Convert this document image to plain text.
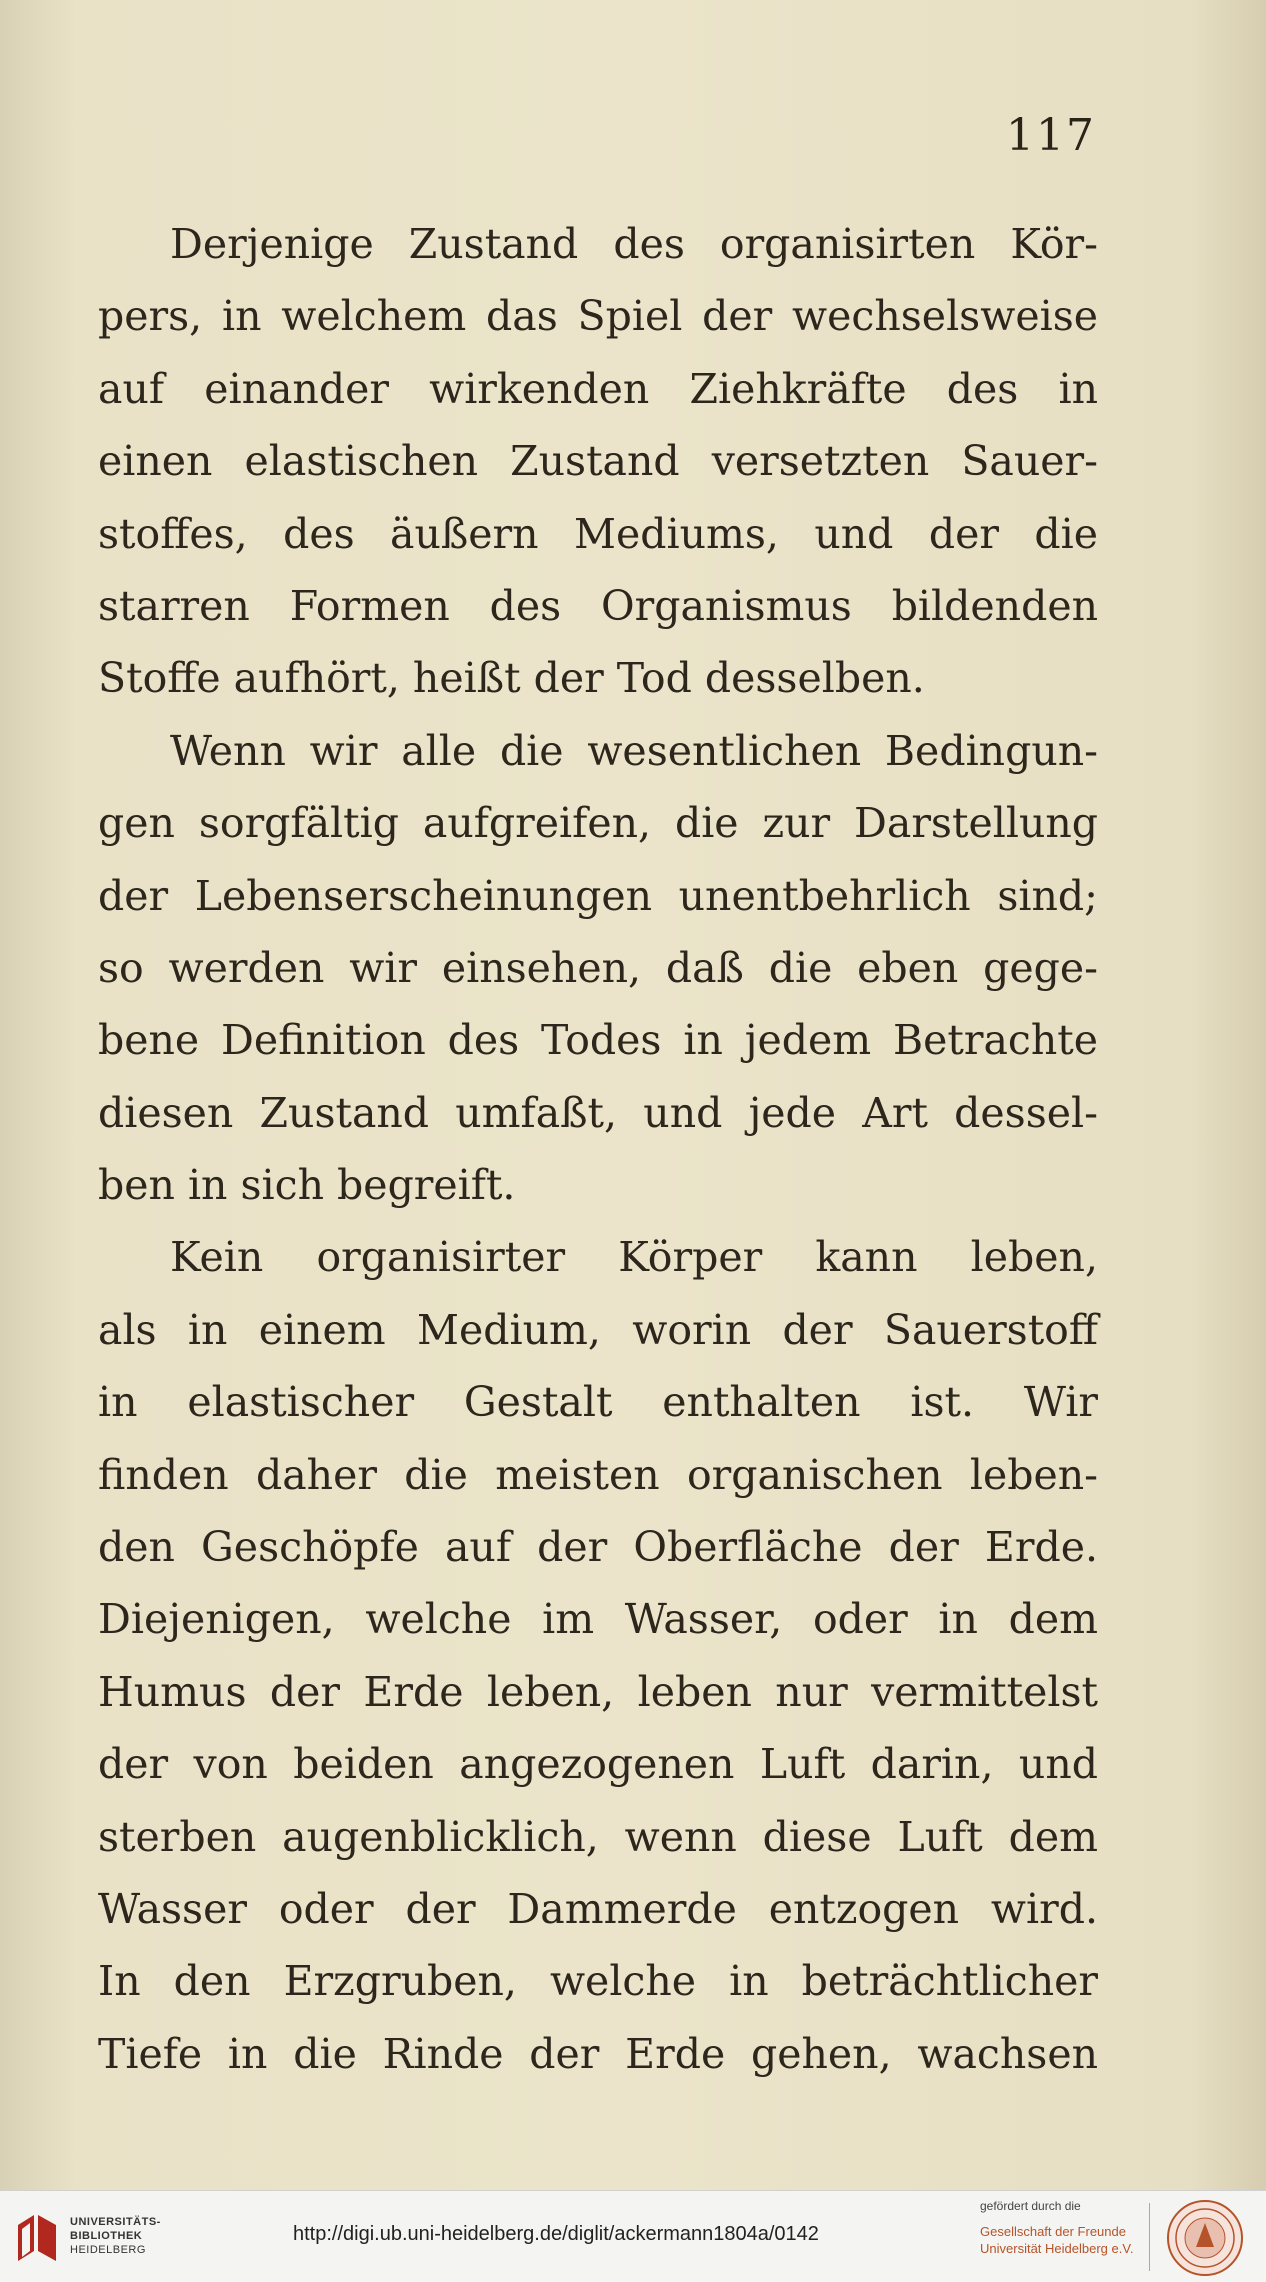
117
Derjenige Zustand des organisirten Kör-
pers, in welchem das Spiel der wechselsweise
auf einander wirkenden Ziehkräfte des in
einen elastischen Zustand versetzten Sauer-
stoffes, des äußern Mediums, und der die
starren Formen des Organismus bildenden
Stoffe aufhört, heißt der Tod desselben.
Wenn wir alle die wesentlichen Bedingun-
gen sorgfältig aufgreifen, die zur Darstellung
der Lebenserscheinungen unentbehrlich sind;
so werden wir einsehen, daß die eben gege-
bene Definition des Todes in jedem Betrachte
diesen Zustand umfaßt, und jede Art dessel-
ben in sich begreift.
Kein organisirter Körper kann leben,
als in einem Medium, worin der Sauerstoff
in elastischer Gestalt enthalten ist. Wir
finden daher die meisten organischen leben-
den Geschöpfe auf der Oberfläche der Erde.
Diejenigen, welche im Wasser, oder in dem
Humus der Erde leben, leben nur vermittelst
der von beiden angezogenen Luft darin, und
sterben augenblicklich, wenn diese Luft dem
Wasser oder der Dammerde entzogen wird.
In den Erzgruben, welche in beträchtlicher
Tiefe in die Rinde der Erde gehen, wachsen
UNIVERSITÄTS-
BIBLIOTHEK
HEIDELBERG
http://digi.ub.uni-heidelberg.de/diglit/ackermann1804a/0142
gefördert durch die
Gesellschaft der Freunde
Universität Heidelberg e.V.
